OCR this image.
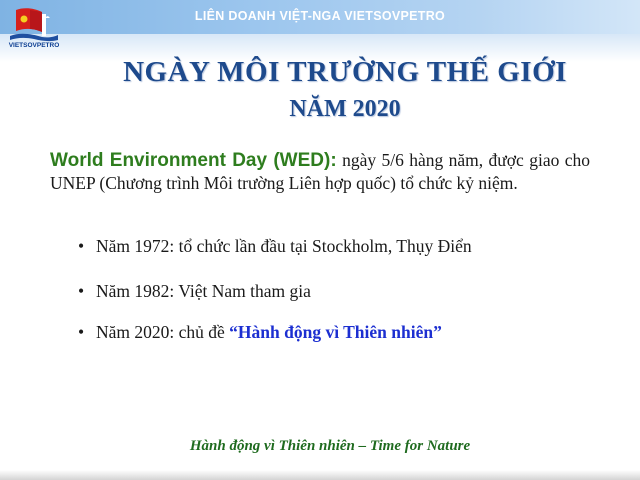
LIÊN DOANH VIỆT-NGA VIETSOVPETRO
VIETSOVPETRO
NGÀY MÔI TRƯỜNG THẾ GIỚI
NĂM 2020
World Environment Day (WED): ngày 5/6 hàng năm, được giao cho UNEP (Chương trình Môi trường Liên hợp quốc) tổ chức kỷ niệm.
• Năm 1972: tổ chức lần đầu tại Stockholm, Thụy Điển
• Năm 1982: Việt Nam tham gia
• Năm 2020: chủ đề “Hành động vì Thiên nhiên”
Hành động vì Thiên nhiên – Time for Nature
